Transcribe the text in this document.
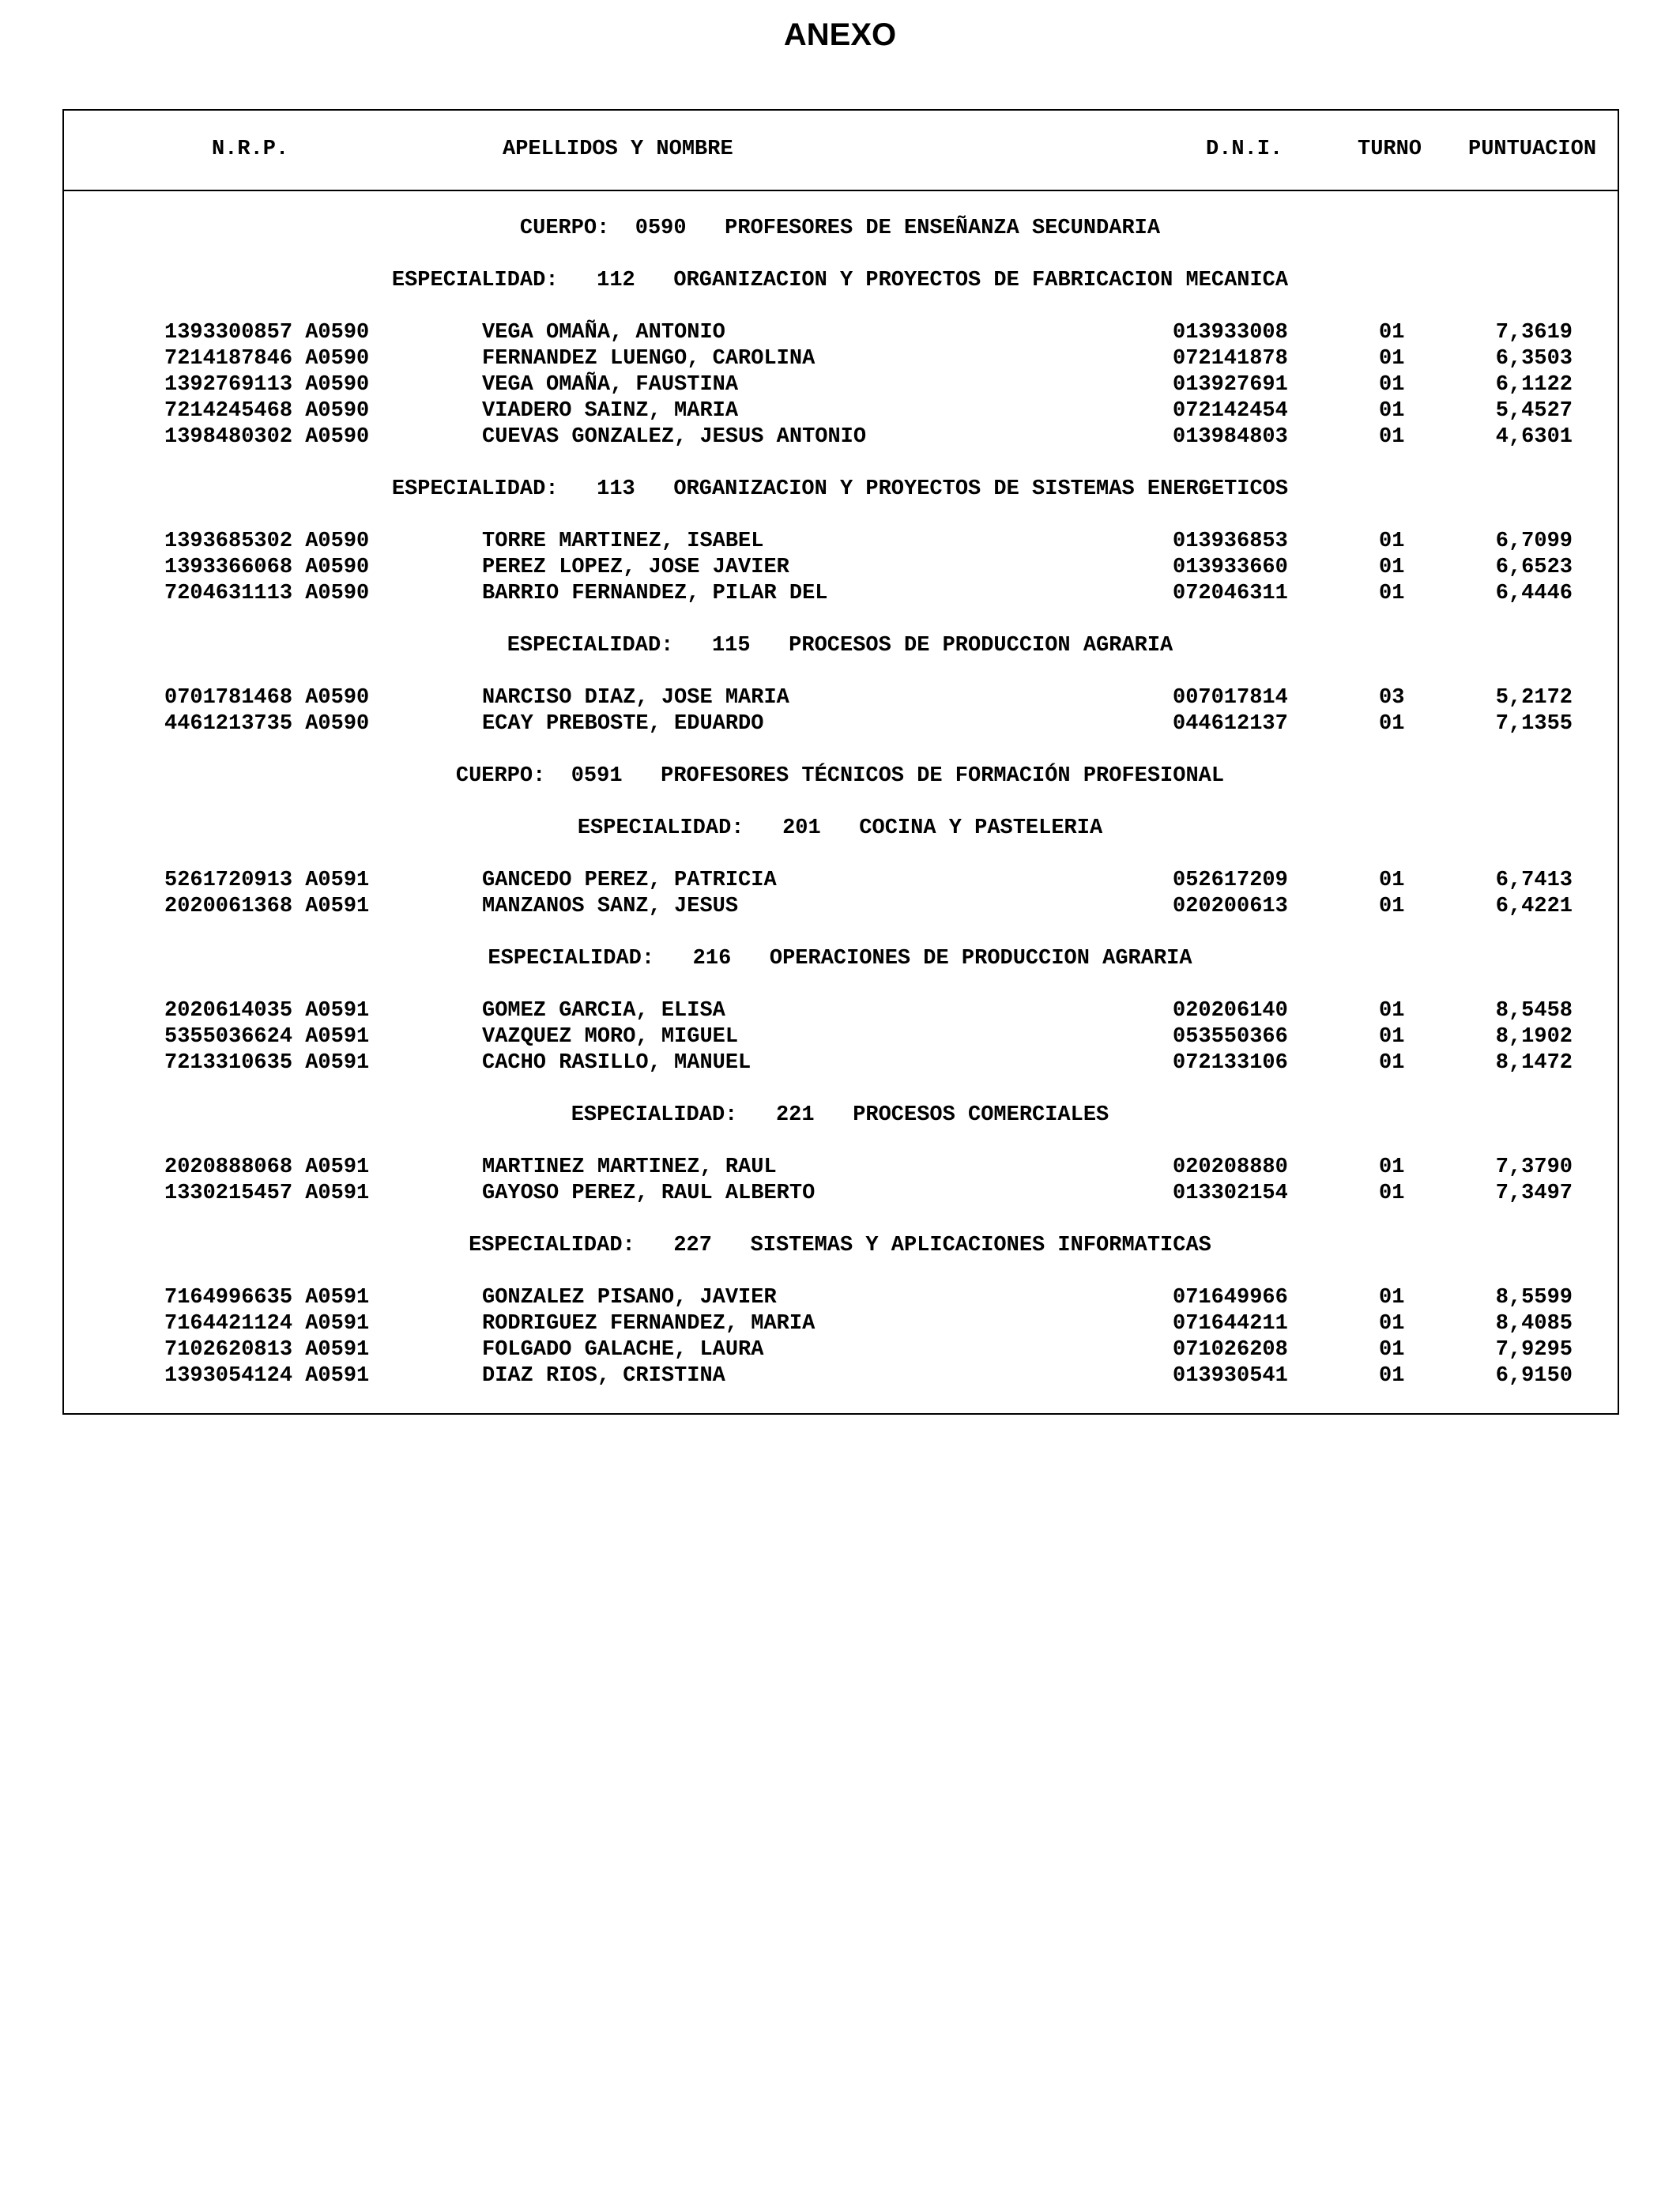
ANEXO
N.R.P.	APELLIDOS Y NOMBRE	D.N.I.	TURNO PUNTUACION
CUERPO:  0590   PROFESORES DE ENSEÑANZA SECUNDARIA
ESPECIALIDAD:   112   ORGANIZACION Y PROYECTOS DE FABRICACION MECANICA
1393300857 A0590	VEGA OMAÑA, ANTONIO	013933008	01	7,3619
7214187846 A0590	FERNANDEZ LUENGO, CAROLINA	072141878	01	6,3503
1392769113 A0590	VEGA OMAÑA, FAUSTINA	013927691	01	6,1122
7214245468 A0590	VIADERO SAINZ, MARIA	072142454	01	5,4527
1398480302 A0590	CUEVAS GONZALEZ, JESUS ANTONIO	013984803	01	4,6301
ESPECIALIDAD:   113   ORGANIZACION Y PROYECTOS DE SISTEMAS ENERGETICOS
1393685302 A0590	TORRE MARTINEZ, ISABEL	013936853	01	6,7099
1393366068 A0590	PEREZ LOPEZ, JOSE JAVIER	013933660	01	6,6523
7204631113 A0590	BARRIO FERNANDEZ, PILAR DEL	072046311	01	6,4446
ESPECIALIDAD:   115   PROCESOS DE PRODUCCION AGRARIA
0701781468 A0590	NARCISO DIAZ, JOSE MARIA	007017814	03	5,2172
4461213735 A0590	ECAY PREBOSTE, EDUARDO	044612137	01	7,1355
CUERPO:  0591   PROFESORES TÉCNICOS DE FORMACIÓN PROFESIONAL
ESPECIALIDAD:   201   COCINA Y PASTELERIA
5261720913 A0591	GANCEDO PEREZ, PATRICIA	052617209	01	6,7413
2020061368 A0591	MANZANOS SANZ, JESUS	020200613	01	6,4221
ESPECIALIDAD:   216   OPERACIONES DE PRODUCCION AGRARIA
2020614035 A0591	GOMEZ GARCIA, ELISA	020206140	01	8,5458
5355036624 A0591	VAZQUEZ MORO, MIGUEL	053550366	01	8,1902
7213310635 A0591	CACHO RASILLO, MANUEL	072133106	01	8,1472
ESPECIALIDAD:   221   PROCESOS COMERCIALES
2020888068 A0591	MARTINEZ MARTINEZ, RAUL	020208880	01	7,3790
1330215457 A0591	GAYOSO PEREZ, RAUL ALBERTO	013302154	01	7,3497
ESPECIALIDAD:   227   SISTEMAS Y APLICACIONES INFORMATICAS
7164996635 A0591	GONZALEZ PISANO, JAVIER	071649966	01	8,5599
7164421124 A0591	RODRIGUEZ FERNANDEZ, MARIA	071644211	01	8,4085
7102620813 A0591	FOLGADO GALACHE, LAURA	071026208	01	7,9295
1393054124 A0591	DIAZ RIOS, CRISTINA	013930541	01	6,9150
